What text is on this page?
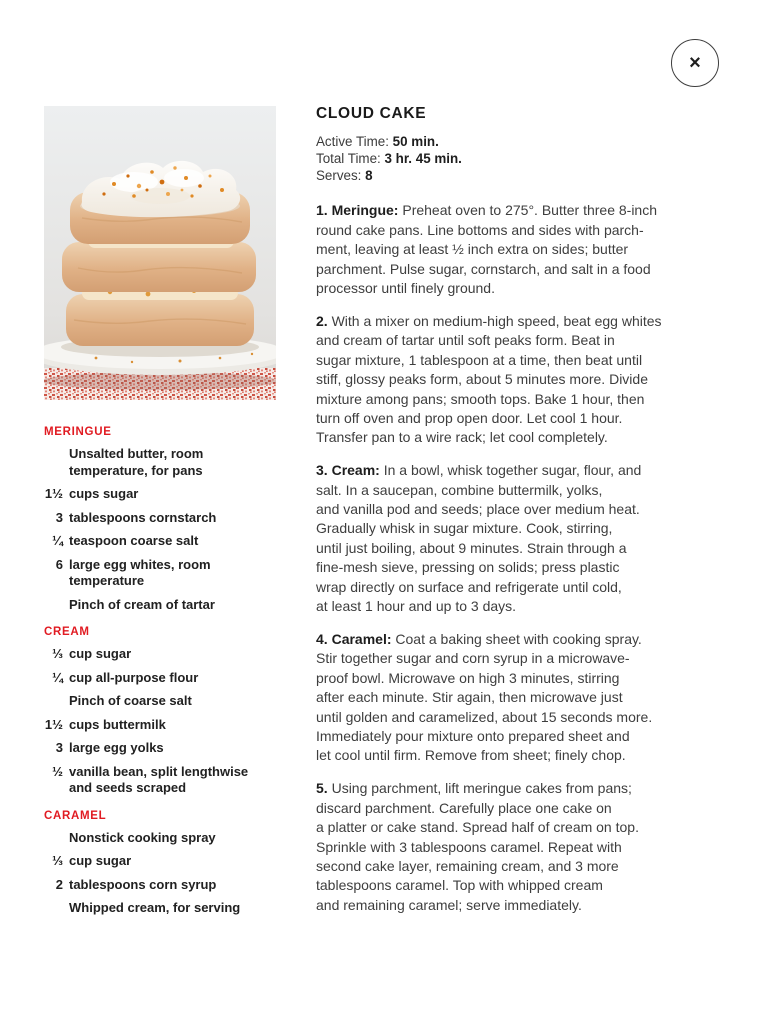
×
MERINGUE
Unsalted butter, room
temperature, for pans
1½ cups sugar
3 tablespoons cornstarch
¼ teaspoon coarse salt
6 large egg whites, room
temperature
Pinch of cream of tartar
CREAM
⅓ cup sugar
¼ cup all-purpose flour
Pinch of coarse salt
1½ cups buttermilk
3 large egg yolks
½ vanilla bean, split lengthwise
and seeds scraped
CARAMEL
Nonstick cooking spray
⅓ cup sugar
2 tablespoons corn syrup
Whipped cream, for serving
CLOUD CAKE
Active Time: 50 min.
Total Time: 3 hr. 45 min.
Serves: 8

1. Meringue: Preheat oven to 275°. Butter three 8-inch
round cake pans. Line bottoms and sides with parch-
ment, leaving at least ½ inch extra on sides; butter
parchment. Pulse sugar, cornstarch, and salt in a food
processor until finely ground.

2. With a mixer on medium-high speed, beat egg whites
and cream of tartar until soft peaks form. Beat in
sugar mixture, 1 tablespoon at a time, then beat until
stiff, glossy peaks form, about 5 minutes more. Divide
mixture among pans; smooth tops. Bake 1 hour, then
turn off oven and prop open door. Let cool 1 hour.
Transfer pan to a wire rack; let cool completely.

3. Cream: In a bowl, whisk together sugar, flour, and
salt. In a saucepan, combine buttermilk, yolks,
and vanilla pod and seeds; place over medium heat.
Gradually whisk in sugar mixture. Cook, stirring,
until just boiling, about 9 minutes. Strain through a
fine-mesh sieve, pressing on solids; press plastic
wrap directly on surface and refrigerate until cold,
at least 1 hour and up to 3 days.

4. Caramel: Coat a baking sheet with cooking spray.
Stir together sugar and corn syrup in a microwave-
proof bowl. Microwave on high 3 minutes, stirring
after each minute. Stir again, then microwave just
until golden and caramelized, about 15 seconds more.
Immediately pour mixture onto prepared sheet and
let cool until firm. Remove from sheet; finely chop.

5. Using parchment, lift meringue cakes from pans;
discard parchment. Carefully place one cake on
a platter or cake stand. Spread half of cream on top.
Sprinkle with 3 tablespoons caramel. Repeat with
second cake layer, remaining cream, and 3 more
tablespoons caramel. Top with whipped cream
and remaining caramel; serve immediately.
